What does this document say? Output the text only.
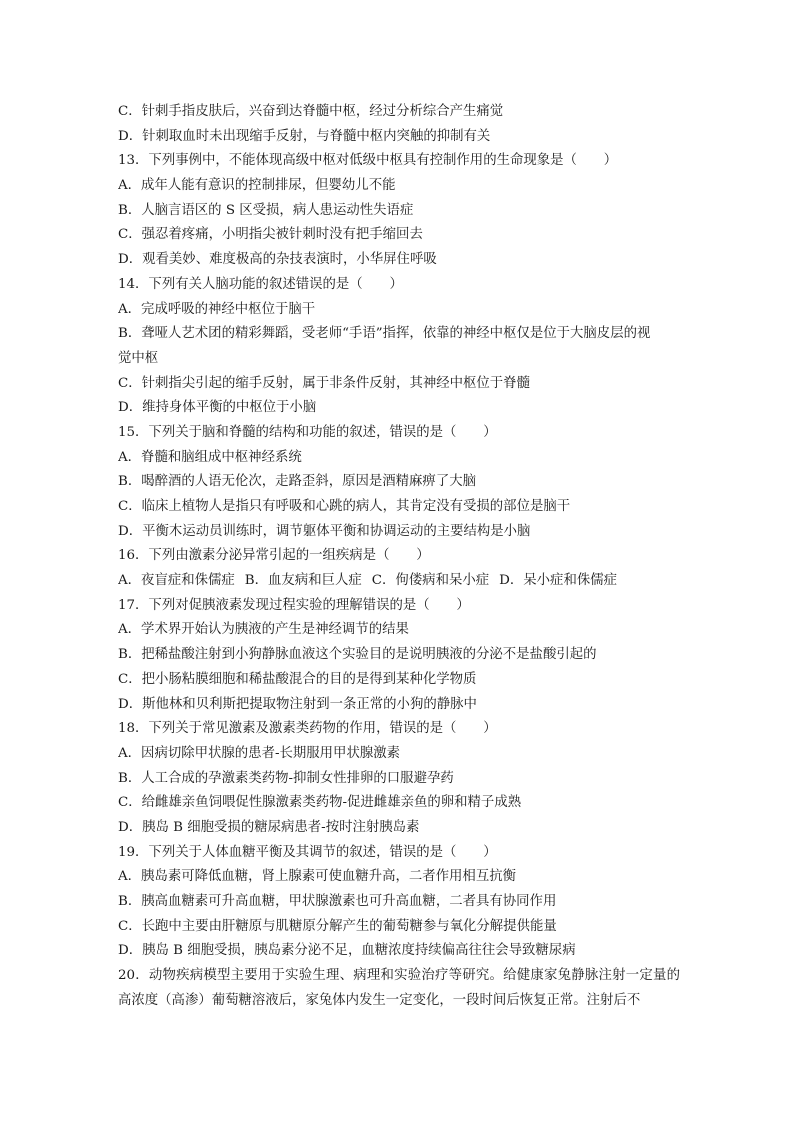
C．针刺手指皮肤后，兴奋到达脊髓中枢，经过分析综合产生痛觉
D．针刺取血时未出现缩手反射，与脊髓中枢内突触的抑制有关
13．下列事例中，不能体现高级中枢对低级中枢具有控制作用的生命现象是（　　）
A．成年人能有意识的控制排尿，但婴幼儿不能
B．人脑言语区的 S 区受损，病人患运动性失语症
C．强忍着疼痛，小明指尖被针刺时没有把手缩回去
D．观看美妙、难度极高的杂技表演时，小华屏住呼吸
14．下列有关人脑功能的叙述错误的是（　　）
A．完成呼吸的神经中枢位于脑干
B．聋哑人艺术团的精彩舞蹈，受老师“手语”指挥，依靠的神经中枢仅是位于大脑皮层的视
觉中枢
C．针刺指尖引起的缩手反射，属于非条件反射，其神经中枢位于脊髓
D．维持身体平衡的中枢位于小脑
15．下列关于脑和脊髓的结构和功能的叙述，错误的是（　　）
A．脊髓和脑组成中枢神经系统
B．喝醉酒的人语无伦次，走路歪斜，原因是酒精麻痹了大脑
C．临床上植物人是指只有呼吸和心跳的病人，其肯定没有受损的部位是脑干
D．平衡木运动员训练时，调节躯体平衡和协调运动的主要结构是小脑
16．下列由激素分泌异常引起的一组疾病是（　　）
A．夜盲症和侏儒症 B．血友病和巨人症 C．佝偻病和呆小症 D．呆小症和侏儒症
17．下列对促胰液素发现过程实验的理解错误的是（　　）
A．学术界开始认为胰液的产生是神经调节的结果
B．把稀盐酸注射到小狗静脉血液这个实验目的是说明胰液的分泌不是盐酸引起的
C．把小肠粘膜细胞和稀盐酸混合的目的是得到某种化学物质
D．斯他林和贝利斯把提取物注射到一条正常的小狗的静脉中
18．下列关于常见激素及激素类药物的作用，错误的是（　　）
A．因病切除甲状腺的患者-长期服用甲状腺激素
B．人工合成的孕激素类药物-抑制女性排卵的口服避孕药
C．给雌雄亲鱼饲喂促性腺激素类药物-促进雌雄亲鱼的卵和精子成熟
D．胰岛 B 细胞受损的糖尿病患者-按时注射胰岛素
19．下列关于人体血糖平衡及其调节的叙述，错误的是（　　）
A．胰岛素可降低血糖，肾上腺素可使血糖升高，二者作用相互抗衡
B．胰高血糖素可升高血糖，甲状腺激素也可升高血糖，二者具有协同作用
C．长跑中主要由肝糖原与肌糖原分解产生的葡萄糖参与氧化分解提供能量
D．胰岛 B 细胞受损，胰岛素分泌不足，血糖浓度持续偏高往往会导致糖尿病
20．动物疾病模型主要用于实验生理、病理和实验治疗等研究。给健康家兔静脉注射一定量的高浓度（高渗）葡萄糖溶液后，家兔体内发生一定变化，一段时间后恢复正常。注射后不
